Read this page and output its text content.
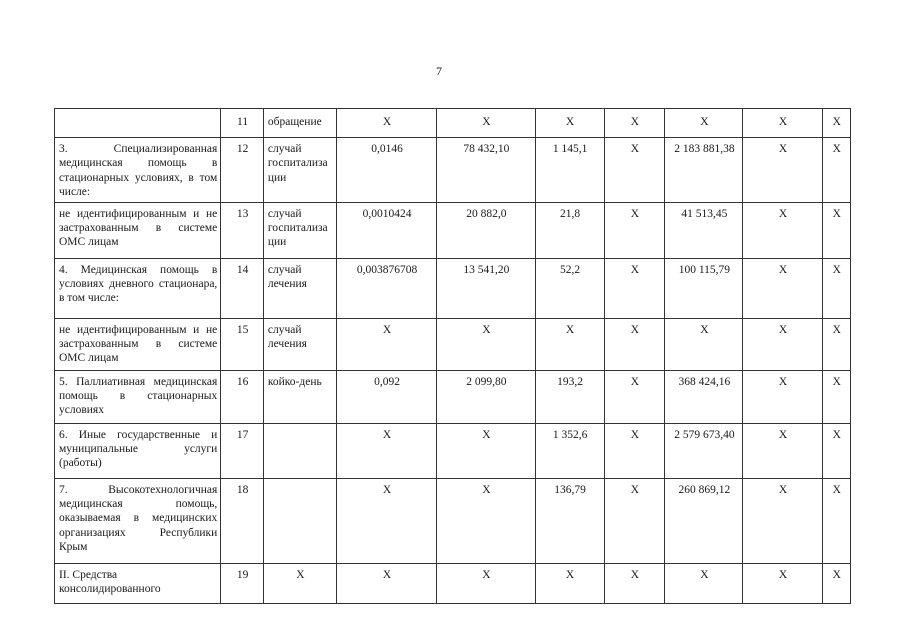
7
	11	обращение	X	X	X	X	X	X	X
3. Специализированная медицинская помощь в стационарных условиях, в том числе:	12	случай госпитализа ции	0,0146	78 432,10	1 145,1	X	2 183 881,38	X	X
не идентифицированным и не застрахованным в системе ОМС лицам	13	случай госпитализа ции	0,0010424	20 882,0	21,8	X	41 513,45	X	X
4. Медицинская помощь в условиях дневного стационара, в том числе:	14	случай лечения	0,003876708	13 541,20	52,2	X	100 115,79	X	X
не идентифицированным и не застрахованным в системе ОМС лицам	15	случай лечения	X	X	X	X	X	X	X
5. Паллиативная медицинская помощь в стационарных условиях	16	койко-день	0,092	2 099,80	193,2	X	368 424,16	X	X
6. Иные государственные и муниципальные услуги (работы)	17		X	X	1 352,6	X	2 579 673,40	X	X
7. Высокотехнологичная медицинская помощь, оказываемая в медицинских организациях Республики Крым	18		X	X	136,79	X	260 869,12	X	X
II. Средства консолидированного	19	X	X	X	X	X	X	X	X
